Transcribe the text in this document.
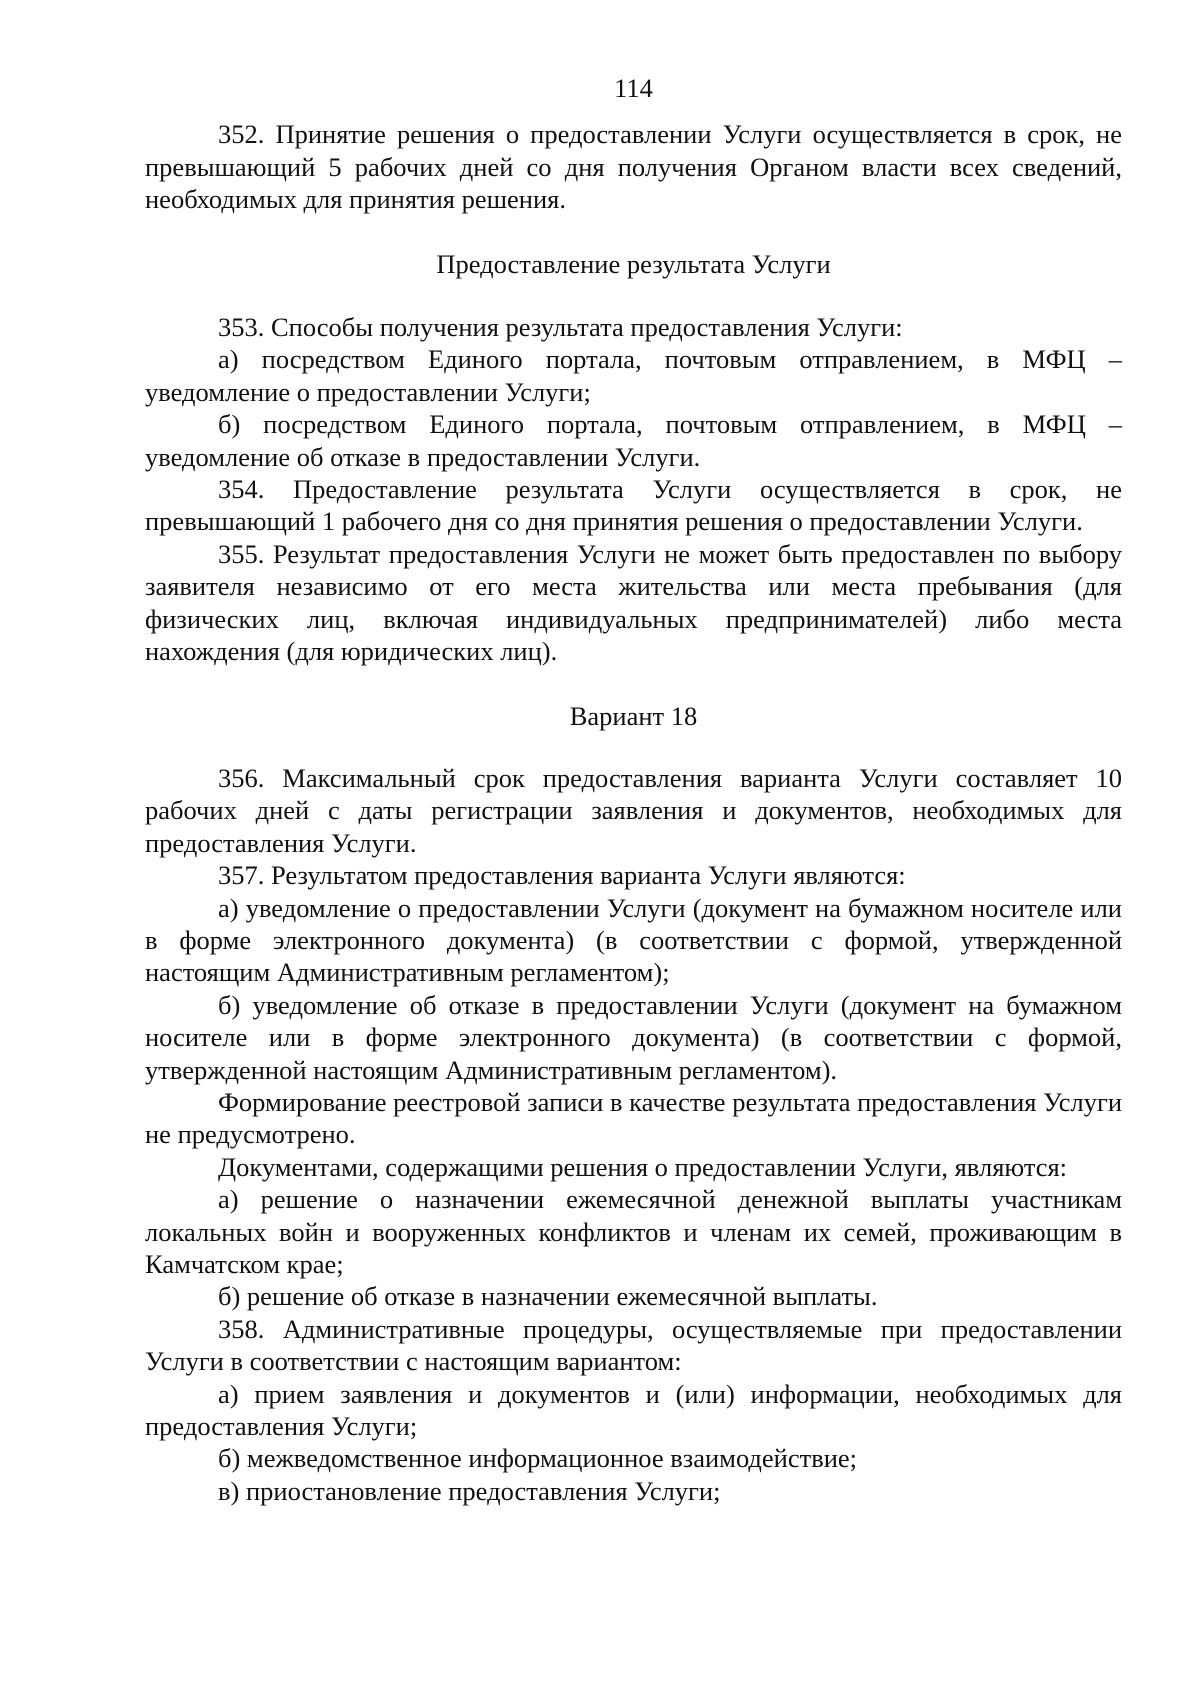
114

352. Принятие решения о предоставлении Услуги осуществляется в срок, не превышающий 5 рабочих дней со дня получения Органом власти всех сведений, необходимых для принятия решения.

Предоставление результата Услуги

353. Способы получения результата предоставления Услуги:

а) посредством Единого портала, почтовым отправлением, в МФЦ – уведомление о предоставлении Услуги;

б) посредством Единого портала, почтовым отправлением, в МФЦ – уведомление об отказе в предоставлении Услуги.

354. Предоставление результата Услуги осуществляется в срок, не превышающий 1 рабочего дня со дня принятия решения о предоставлении Услуги.

355. Результат предоставления Услуги не может быть предоставлен по выбору заявителя независимо от его места жительства или места пребывания (для физических лиц, включая индивидуальных предпринимателей) либо места нахождения (для юридических лиц).

Вариант 18

356. Максимальный срок предоставления варианта Услуги составляет 10 рабочих дней с даты регистрации заявления и документов, необходимых для предоставления Услуги.

357. Результатом предоставления варианта Услуги являются:

а) уведомление о предоставлении Услуги (документ на бумажном носителе или в форме электронного документа) (в соответствии с формой, утвержденной настоящим Административным регламентом);

б) уведомление об отказе в предоставлении Услуги (документ на бумажном носителе или в форме электронного документа) (в соответствии с формой, утвержденной настоящим Административным регламентом).

Формирование реестровой записи в качестве результата предоставления Услуги не предусмотрено.

Документами, содержащими решения о предоставлении Услуги, являются:

а) решение о назначении ежемесячной денежной выплаты участникам локальных войн и вооруженных конфликтов и членам их семей, проживающим в Камчатском крае;

б) решение об отказе в назначении ежемесячной выплаты.

358. Административные процедуры, осуществляемые при предоставлении Услуги в соответствии с настоящим вариантом:

а) прием заявления и документов и (или) информации, необходимых для предоставления Услуги;

б) межведомственное информационное взаимодействие;

в) приостановление предоставления Услуги;
